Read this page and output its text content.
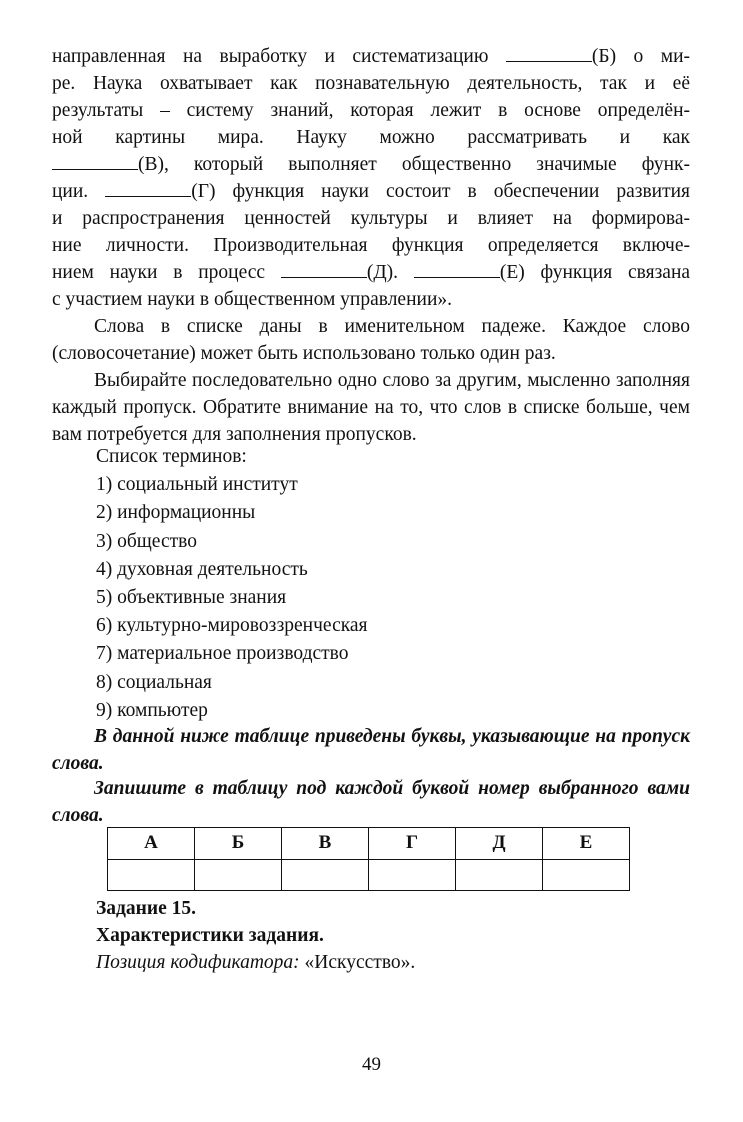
направленная на выработку и систематизацию	(Б) о ми-
ре. Наука охватывает как познавательную деятельность, так и её
результаты – систему знаний, которая лежит в основе определён-
ной картины мира. Науку можно рассматривать и как
(В), который выполняет общественно значимые функ-
ции.	(Г) функция науки состоит в обеспечении развития
и распространения ценностей культуры и влияет на формирова-
ние личности. Производительная функция определяется включе-
нием науки в процесс	(Д).	(Е) функция связана
с участием науки в общественном управлении».

Слова в списке даны в именительном падеже. Каждое слово (словосочетание) может быть использовано только один раз.

Выбирайте последовательно одно слово за другим, мысленно заполняя каждый пропуск. Обратите внимание на то, что слов в списке больше, чем вам потребуется для заполнения пропусков.

Список терминов:
1) социальный институт
2) информационны
3) общество
4) духовная деятельность
5) объективные знания
6) культурно-мировоззренческая
7) материальное производство
8) социальная
9) компьютер

В данной ниже таблице приведены буквы, указывающие на пропуск слова.

Запишите в таблицу под каждой буквой номер выбранного вами слова.

А	Б	В	Г	Д	Е

Задание 15.
Характеристики задания.
Позиция кодификатора: «Искусство».
49
